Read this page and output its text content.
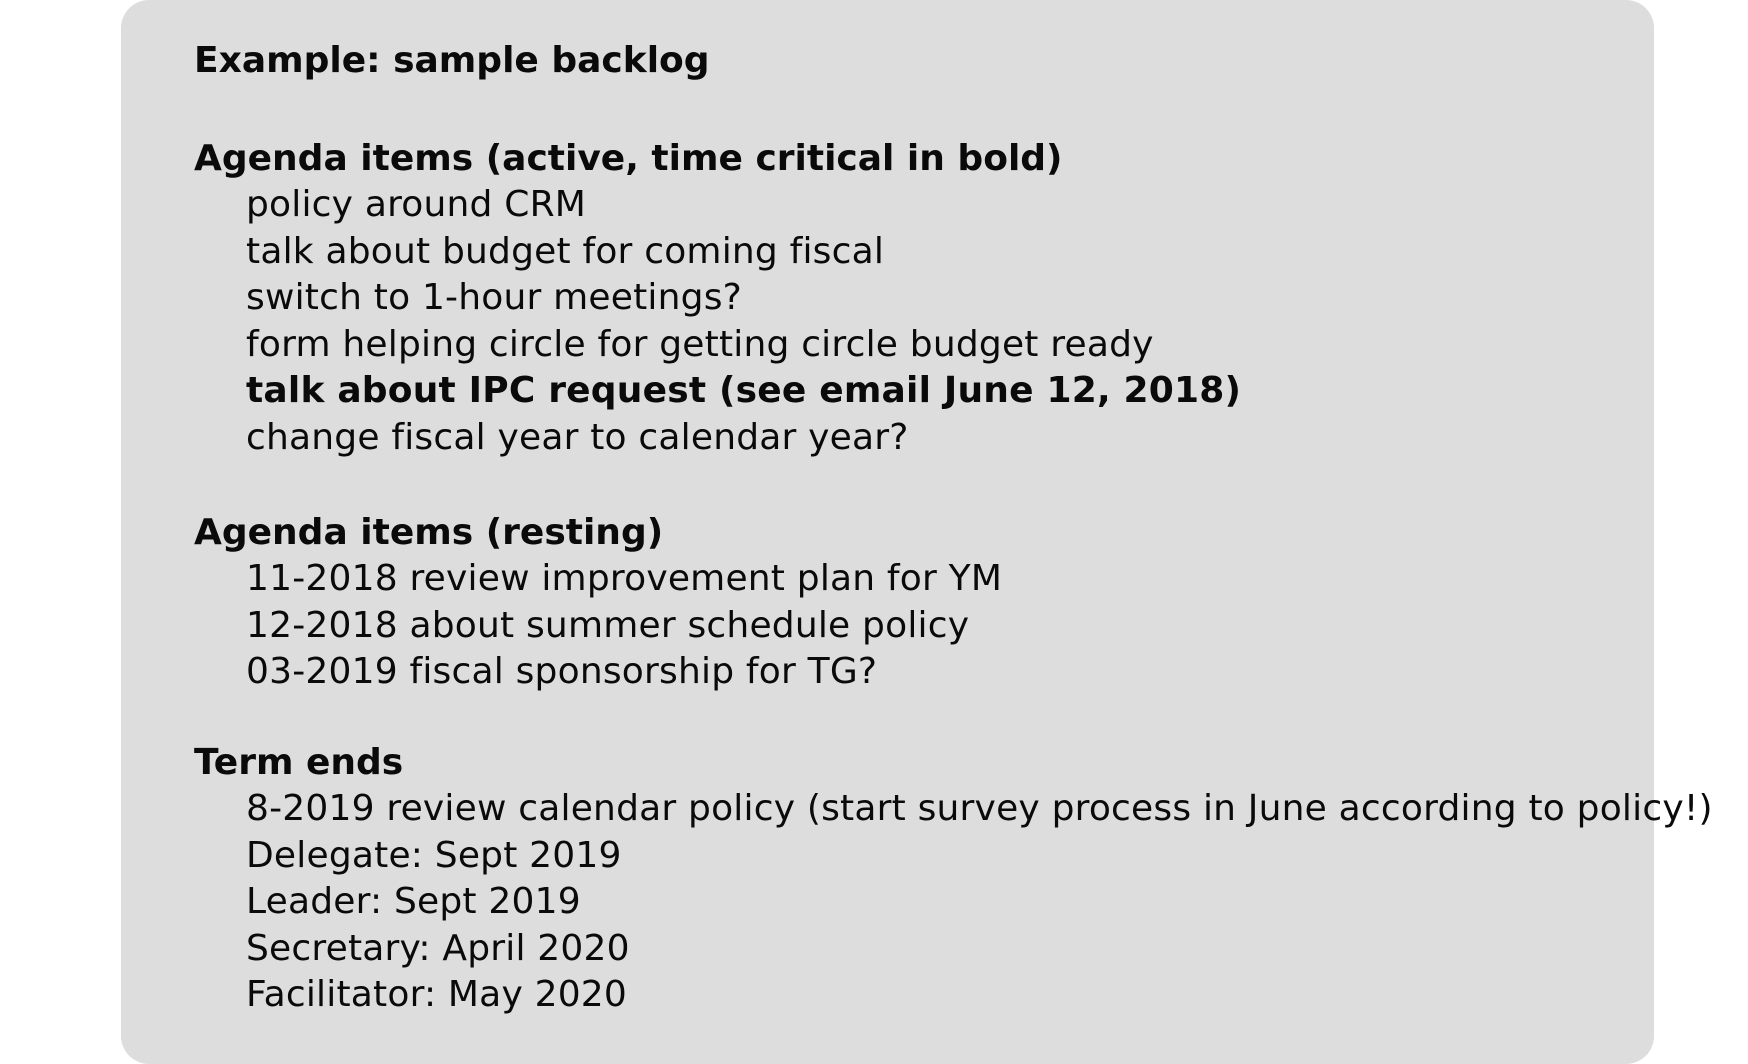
Example: sample backlog
Agenda items (active, time critical in bold)
policy around CRM
talk about budget for coming fiscal
switch to 1-hour meetings?
form helping circle for getting circle budget ready
talk about IPC request (see email June 12, 2018)
change fiscal year to calendar year?
Agenda items (resting)
11-2018 review improvement plan for YM
12-2018 about summer schedule policy
03-2019 fiscal sponsorship for TG?
Term ends
8-2019 review calendar policy (start survey process in June according to policy!)
Delegate: Sept 2019
Leader: Sept 2019
Secretary: April 2020
Facilitator: May 2020
